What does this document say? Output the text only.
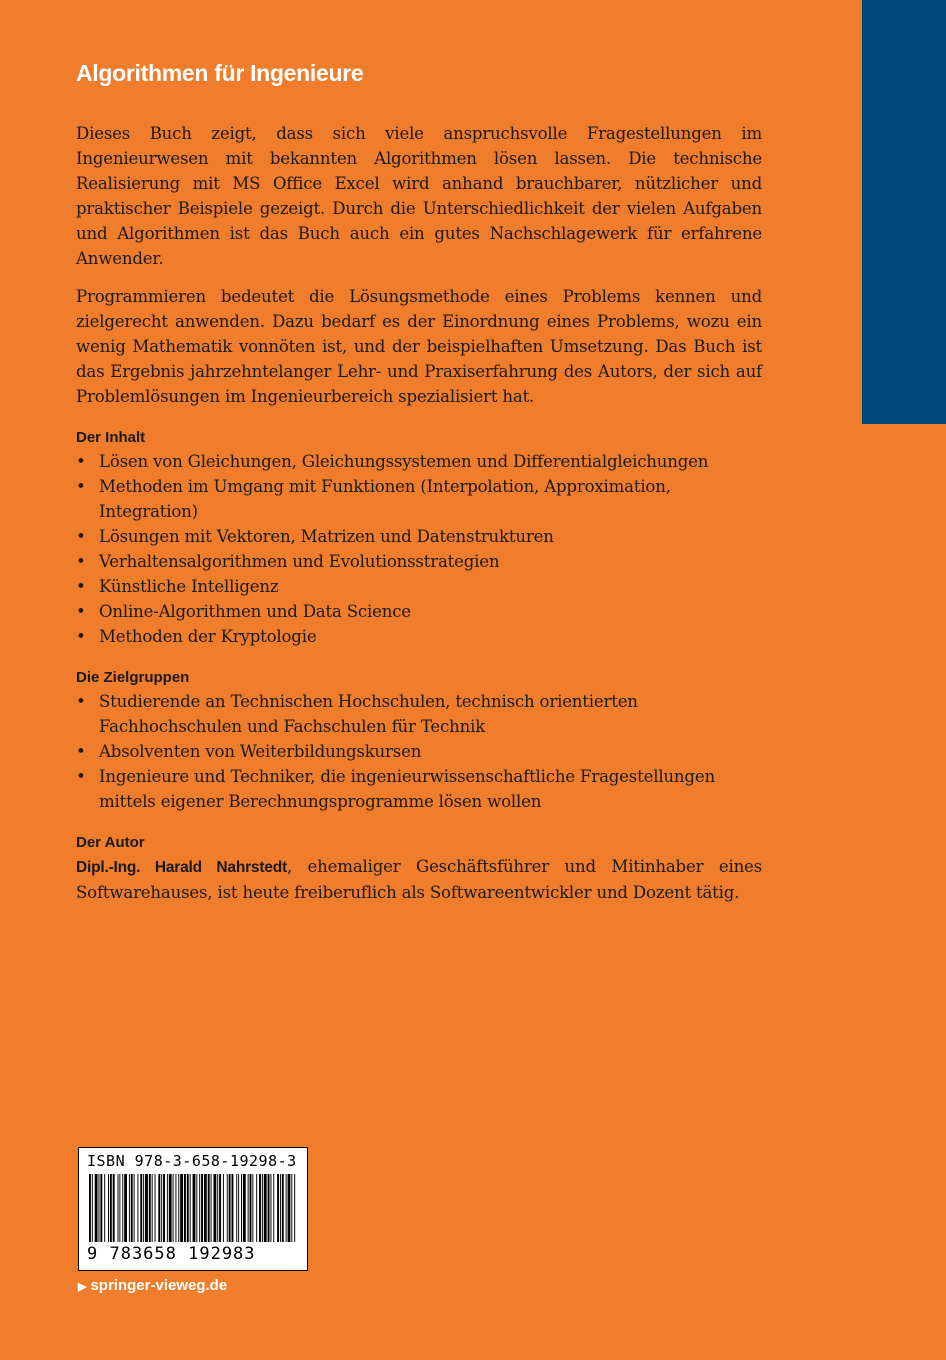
Algorithmen für Ingenieure

Dieses Buch zeigt, dass sich viele anspruchsvolle Fragestellungen im Ingenieurwesen mit bekannten Algorithmen lösen lassen. Die technische Realisierung mit MS Office Excel wird anhand brauchbarer, nützlicher und praktischer Beispiele gezeigt. Durch die Unterschiedlichkeit der vielen Aufgaben und Algorithmen ist das Buch auch ein gutes Nachschlagewerk für erfahrene Anwender.

Programmieren bedeutet die Lösungsmethode eines Problems kennen und zielgerecht anwenden. Dazu bedarf es der Einordnung eines Problems, wozu ein wenig Mathematik vonnöten ist, und der beispielhaften Umsetzung. Das Buch ist das Ergebnis jahrzehntelanger Lehr- und Praxiserfahrung des Autors, der sich auf Problemlösungen im Ingenieurbereich spezialisiert hat.

Der Inhalt
• Lösen von Gleichungen, Gleichungssystemen und Differentialgleichungen
• Methoden im Umgang mit Funktionen (Interpolation, Approximation, Integration)
• Lösungen mit Vektoren, Matrizen und Datenstrukturen
• Verhaltensalgorithmen und Evolutionsstrategien
• Künstliche Intelligenz
• Online-Algorithmen und Data Science
• Methoden der Kryptologie
Die Zielgruppen
• Studierende an Technischen Hochschulen, technisch orientierten Fachhochschulen und Fachschulen für Technik
• Absolventen von Weiterbildungskursen
• Ingenieure und Techniker, die ingenieurwissenschaftliche Fragestellungen mittels eigener Berechnungsprogramme lösen wollen
Der Autor

Dipl.-Ing. Harald Nahrstedt, ehemaliger Geschäftsführer und Mitinhaber eines Softwarehauses, ist heute freiberuflich als Softwareentwickler und Dozent tätig.

ISBN 978-3-658-19298-3
9 783658 192983
▶ springer-vieweg.de
